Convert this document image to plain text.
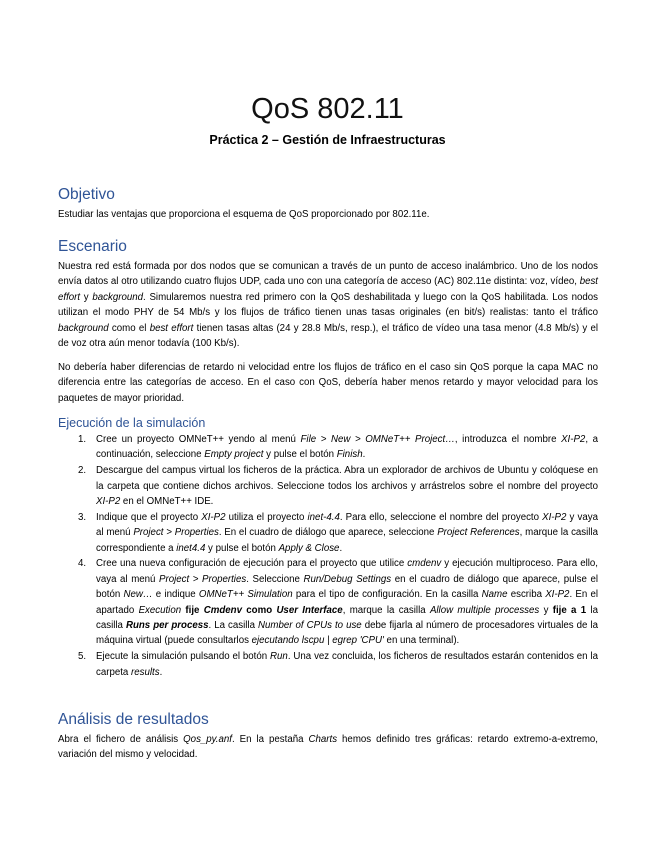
QoS 802.11
Práctica 2 – Gestión de Infraestructuras
Objetivo
Estudiar las ventajas que proporciona el esquema de QoS proporcionado por 802.11e.
Escenario
Nuestra red está formada por dos nodos que se comunican a través de un punto de acceso inalámbrico. Uno de los nodos envía datos al otro utilizando cuatro flujos UDP, cada uno con una categoría de acceso (AC) 802.11e distinta: voz, vídeo, best effort y background. Simularemos nuestra red primero con la QoS deshabilitada y luego con la QoS habilitada. Los nodos utilizan el modo PHY de 54 Mb/s y los flujos de tráfico tienen unas tasas originales (en bit/s) realistas: tanto el tráfico background como el best effort tienen tasas altas (24 y 28.8 Mb/s, resp.), el tráfico de vídeo una tasa menor (4.8 Mb/s) y el de voz otra aún menor todavía (100 Kb/s).
No debería haber diferencias de retardo ni velocidad entre los flujos de tráfico en el caso sin QoS porque la capa MAC no diferencia entre las categorías de acceso. En el caso con QoS, debería haber menos retardo y mayor velocidad para los paquetes de mayor prioridad.
Ejecución de la simulación
1. Cree un proyecto OMNeT++ yendo al menú File > New > OMNeT++ Project…, introduzca el nombre XI-P2, a continuación, seleccione Empty project y pulse el botón Finish.
2. Descargue del campus virtual los ficheros de la práctica. Abra un explorador de archivos de Ubuntu y colóquese en la carpeta que contiene dichos archivos. Seleccione todos los archivos y arrástrelos sobre el nombre del proyecto XI-P2 en el OMNeT++ IDE.
3. Indique que el proyecto XI-P2 utiliza el proyecto inet-4.4. Para ello, seleccione el nombre del proyecto XI-P2 y vaya al menú Project > Properties. En el cuadro de diálogo que aparece, seleccione Project References, marque la casilla correspondiente a inet4.4 y pulse el botón Apply & Close.
4. Cree una nueva configuración de ejecución para el proyecto que utilice cmdenv y ejecución multiproceso. Para ello, vaya al menú Project > Properties. Seleccione Run/Debug Settings en el cuadro de diálogo que aparece, pulse el botón New… e indique OMNeT++ Simulation para el tipo de configuración. En la casilla Name escriba XI-P2. En el apartado Execution fije Cmdenv como User Interface, marque la casilla Allow multiple processes y fije a 1 la casilla Runs per process. La casilla Number of CPUs to use debe fijarla al número de procesadores virtuales de la máquina virtual (puede consultarlos ejecutando lscpu | egrep 'CPU' en una terminal).
5. Ejecute la simulación pulsando el botón Run. Una vez concluida, los ficheros de resultados estarán contenidos en la carpeta results.
Análisis de resultados
Abra el fichero de análisis Qos_py.anf. En la pestaña Charts hemos definido tres gráficas: retardo extremo-a-extremo, variación del mismo y velocidad.
